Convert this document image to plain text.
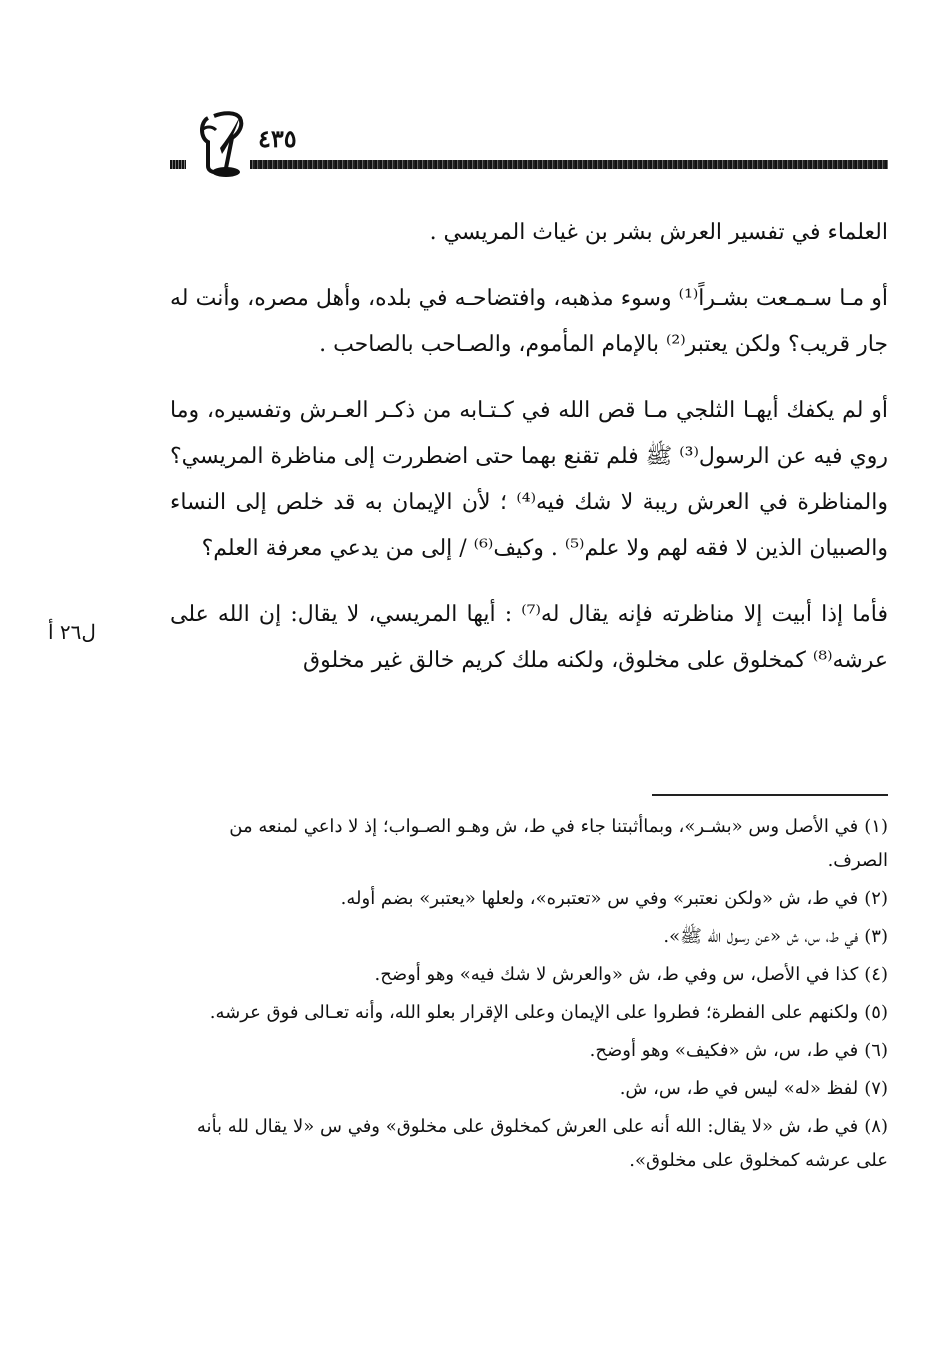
٤٣٥

العلماء في تفسير العرش بشر بن غياث المريسي .

أو مـا سـمـعت بشـراً⁽¹⁾ وسوء مذهبه، وافتضاحـه في بلده، وأهل مصره، وأنت له جار قريب؟ ولكن يعتبر⁽²⁾ بالإمام المأموم، والصـاحب بالصاحب .

أو لم يكفك أيهـا الثلجي مـا قص الله في كـتـابه من ذكـر العـرش وتفسيره، وما روي فيه عن الرسول⁽³⁾ ﷺ فلم تقنع بهما حتى اضطررت إلى مناظرة المريسي؟ والمناظرة في العرش ريبة لا شك فيه⁽⁴⁾ ؛ لأن الإيمان به قد خلص إلى النساء والصبيان الذين لا فقه لهم ولا علم⁽⁵⁾ . وكيف⁽⁶⁾ / إلى من يدعي معرفة العلم؟

فأما إذا أبيت إلا مناظرته فإنه يقال له⁽⁷⁾ : أيها المريسي، لا يقال: إن الله على عرشه⁽⁸⁾ كمخلوق على مخلوق، ولكنه ملك كريم خالق غير مخلوق

ل٢٦ أ

(١)في الأصل وس «بشـر»، وبماأثبتنا جاء في ط، ش وهـو الصـواب؛ إذ لا داعي لمنعه من الصرف.

(٢)في ط، ش «ولكن نعتبر» وفي س «تعتبره»، ولعلها «يعتبر» بضم أوله.

(٣)في ط، س، ش «عن رسول الله ﷺ».

(٤)كذا في الأصل، س وفي ط، ش «والعرش لا شك فيه» وهو أوضح.

(٥)ولكنهم على الفطرة؛ فطروا على الإيمان وعلى الإقرار بعلو الله، وأنه تعـالى فوق عرشه.

(٦)في ط، س، ش «فكيف» وهو أوضح.

(٧)لفظ «له» ليس في ط، س، ش.

(٨)في ط، ش «لا يقال: الله أنه على العرش كمخلوق على مخلوق» وفي س «لا يقال لله بأنه على عرشه كمخلوق على مخلوق».
